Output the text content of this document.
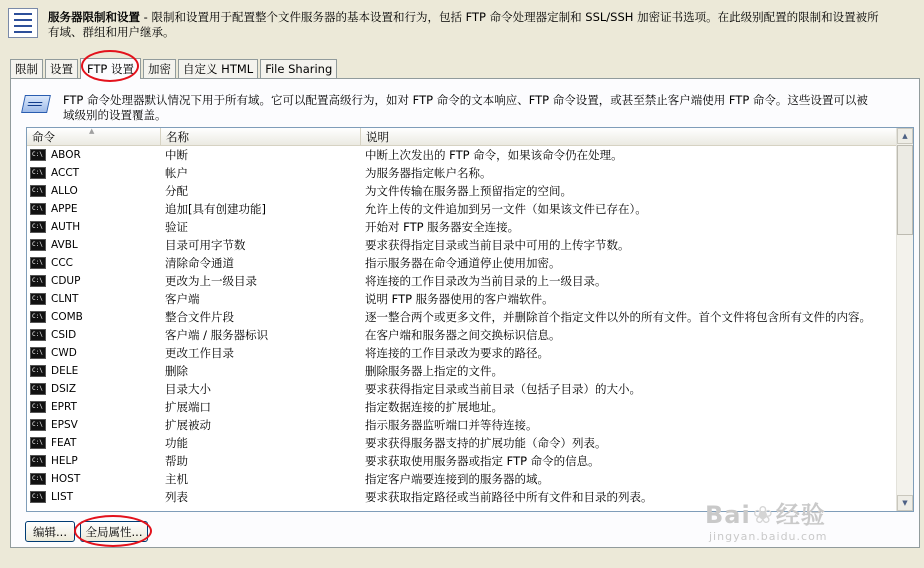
服务器限制和设置 - 限制和设置用于配置整个文件服务器的基本设置和行为，包括 FTP 命令处理器定制和 SSL/SSH 加密证书选项。在此级别配置的限制和设置被所
有域、群组和用户继承。
限制	设置	FTP 设置	加密	自定义 HTML	File Sharing
FTP 命令处理器默认情况下用于所有域。它可以配置高级行为，如对 FTP 命令的文本响应、FTP 命令设置，或甚至禁止客户端使用 FTP 命令。这些设置可以被
域级别的设置覆盖。
命令	▲	名称	说明
C:\ ABOR	中断	中断上次发出的 FTP 命令，如果该命令仍在处理。
C:\ ACCT	帐户	为服务器指定帐户名称。
C:\ ALLO	分配	为文件传输在服务器上预留指定的空间。
C:\ APPE	追加[具有创建功能]	允许上传的文件追加到另一文件（如果该文件已存在）。
C:\ AUTH	验证	开始对 FTP 服务器安全连接。
C:\ AVBL	目录可用字节数	要求获得指定目录或当前目录中可用的上传字节数。
C:\ CCC	清除命令通道	指示服务器在命令通道停止使用加密。
C:\ CDUP	更改为上一级目录	将连接的工作目录改为当前目录的上一级目录。
C:\ CLNT	客户端	说明 FTP 服务器使用的客户端软件。
C:\ COMB	整合文件片段	逐一整合两个或更多文件，并删除首个指定文件以外的所有文件。首个文件将包含所有文件的内容。
C:\ CSID	客户端 / 服务器标识	在客户端和服务器之间交换标识信息。
C:\ CWD	更改工作目录	将连接的工作目录改为要求的路径。
C:\ DELE	删除	删除服务器上指定的文件。
C:\ DSIZ	目录大小	要求获得指定目录或当前目录（包括子目录）的大小。
C:\ EPRT	扩展端口	指定数据连接的扩展地址。
C:\ EPSV	扩展被动	指示服务器监听端口并等待连接。
C:\ FEAT	功能	要求获得服务器支持的扩展功能（命令）列表。
C:\ HELP	帮助	要求获取使用服务器或指定 FTP 命令的信息。
C:\ HOST	主机	指定客户端要连接到的服务器的域。
C:\ LIST	列表	要求获取指定路径或当前路径中所有文件和目录的列表。
▲
▼
编辑...	全局属性...
Bai❀经验
jingyan.baidu.com
